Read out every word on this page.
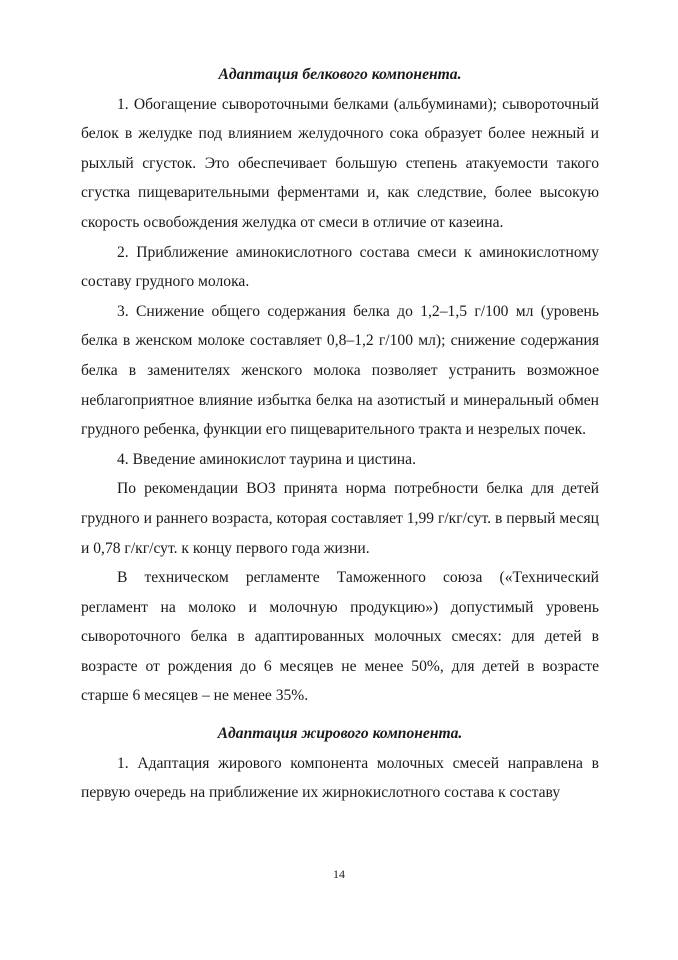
Адаптация белкового компонента.

1. Обогащение сывороточными белками (альбуминами); сывороточный белок в желудке под влиянием желудочного сока образует более нежный и рыхлый сгусток. Это обеспечивает большую степень атакуемости такого сгустка пищеварительными ферментами и, как следствие, более высокую скорость освобождения желудка от смеси в отличие от казеина.

2. Приближение аминокислотного состава смеси к аминокислотному составу грудного молока.

3. Снижение общего содержания белка до 1,2–1,5 г/100 мл (уровень белка в женском молоке составляет 0,8–1,2 г/100 мл); снижение содержания белка в заменителях женского молока позволяет устранить возможное неблагоприятное влияние избытка белка на азотистый и минеральный обмен грудного ребенка, функции его пищеварительного тракта и незрелых почек.

4. Введение аминокислот таурина и цистина.

По рекомендации ВОЗ принята норма потребности белка для детей грудного и раннего возраста, которая составляет 1,99 г/кг/сут. в первый месяц и 0,78 г/кг/сут. к концу первого года жизни.

В техническом регламенте Таможенного союза («Технический регламент на молоко и молочную продукцию») допустимый уровень сывороточного белка в адаптированных молочных смесях: для детей в возрасте от рождения до 6 месяцев не менее 50%, для детей в возрасте старше 6 месяцев – не менее 35%.

Адаптация жирового компонента.

1. Адаптация жирового компонента молочных смесей направлена в первую очередь на приближение их жирнокислотного состава к составу

14
